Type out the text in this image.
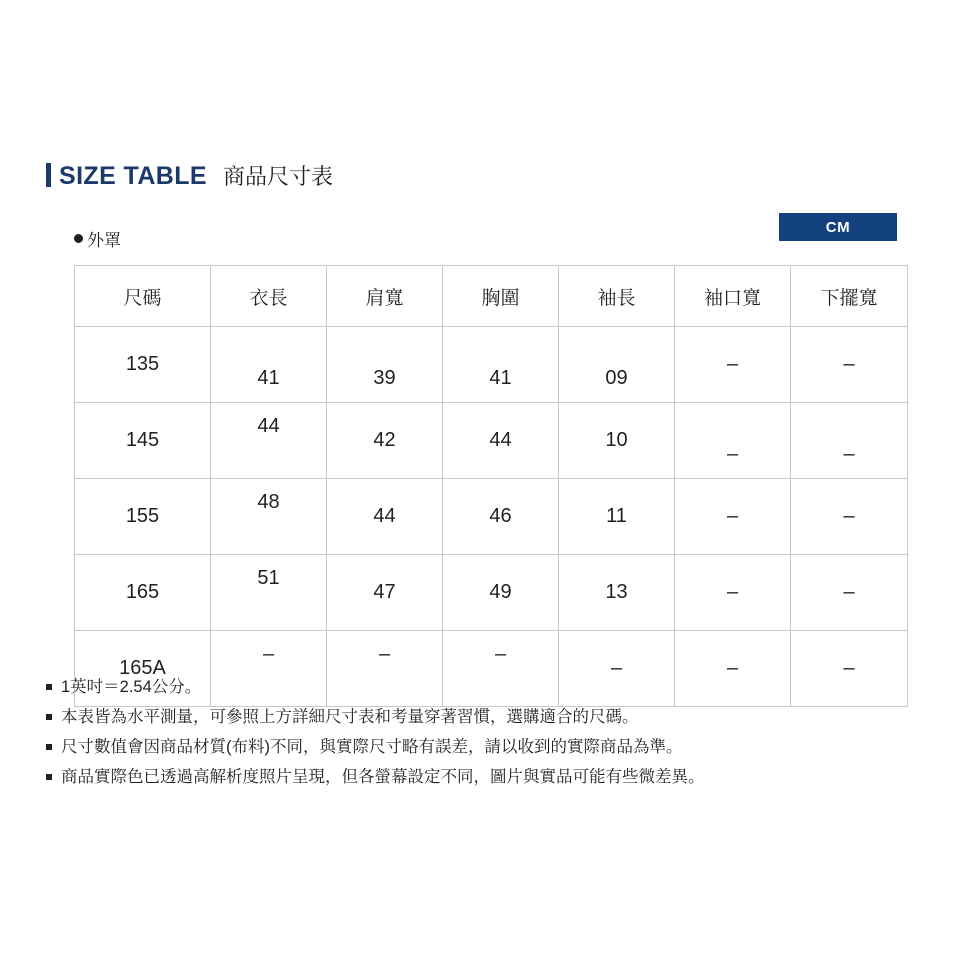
SIZE TABLE 商品尺寸表
外罩
CM
尺碼	衣長	肩寬	胸圍	袖長	袖口寬	下擺寬
135	41	39	41	09	–	–
145	44	42	44	10	–	–
155	48	44	46	11	–	–
165	51	47	49	13	–	–
165A	–	–	–	–	–	–
1英吋＝2.54公分。
本表皆為水平測量，可參照上方詳細尺寸表和考量穿著習慣，選購適合的尺碼。
尺寸數值會因商品材質(布料)不同，與實際尺寸略有誤差，請以收到的實際商品為準。
商品實際色已透過高解析度照片呈現，但各螢幕設定不同，圖片與實品可能有些微差異。
